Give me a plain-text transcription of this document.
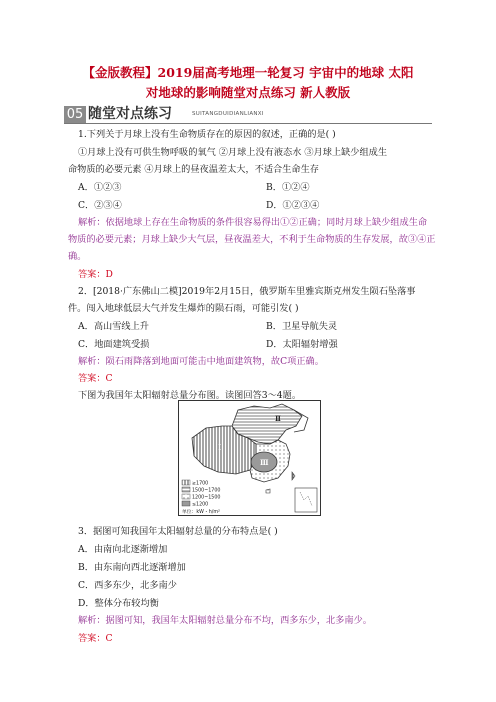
【金版教程】2019届高考地理一轮复习 宇宙中的地球 太阳
对地球的影响随堂对点练习 新人教版
05 随堂对点练习	SUITANGDUIDIANLIANXI
1.下列关于月球上没有生命物质存在的原因的叙述，正确的是( )
①月球上没有可供生物呼吸的氧气 ②月球上没有液态水 ③月球上缺少组成生
命物质的必要元素 ④月球上的昼夜温差太大，不适合生命生存
A．①②③	B．①②④
C．②③④	D．①②③④
解析：依据地球上存在生命物质的条件很容易得出①②正确；同时月球上缺少组成生命
物质的必要元素；月球上缺少大气层，昼夜温差大，不利于生命物质的生存发展，故③④正
确。
答案：D
2．[2018·广东佛山二模]2019年2月15日，俄罗斯车里雅宾斯克州发生陨石坠落事
件。闯入地球低层大气并发生爆炸的陨石雨，可能引发( )
A．高山雪线上升	B．卫星导航失灵
C．地面建筑受损	D．太阳辐射增强
解析：陨石雨降落到地面可能击中地面建筑物，故C项正确。
答案：C
下图为我国年太阳辐射总量分布图。读图回答3～4题。
Ⅰ
Ⅱ
Ⅲ
≥1700
1500~1700
1200~1500
≤1200
单位：kW・h/m²
3．据图可知我国年太阳辐射总量的分布特点是( )
A．由南向北逐渐增加
B．由东南向西北逐渐增加
C．西多东少，北多南少
D．整体分布较均衡
解析：据图可知，我国年太阳辐射总量分布不均，西多东少，北多南少。
答案：C
